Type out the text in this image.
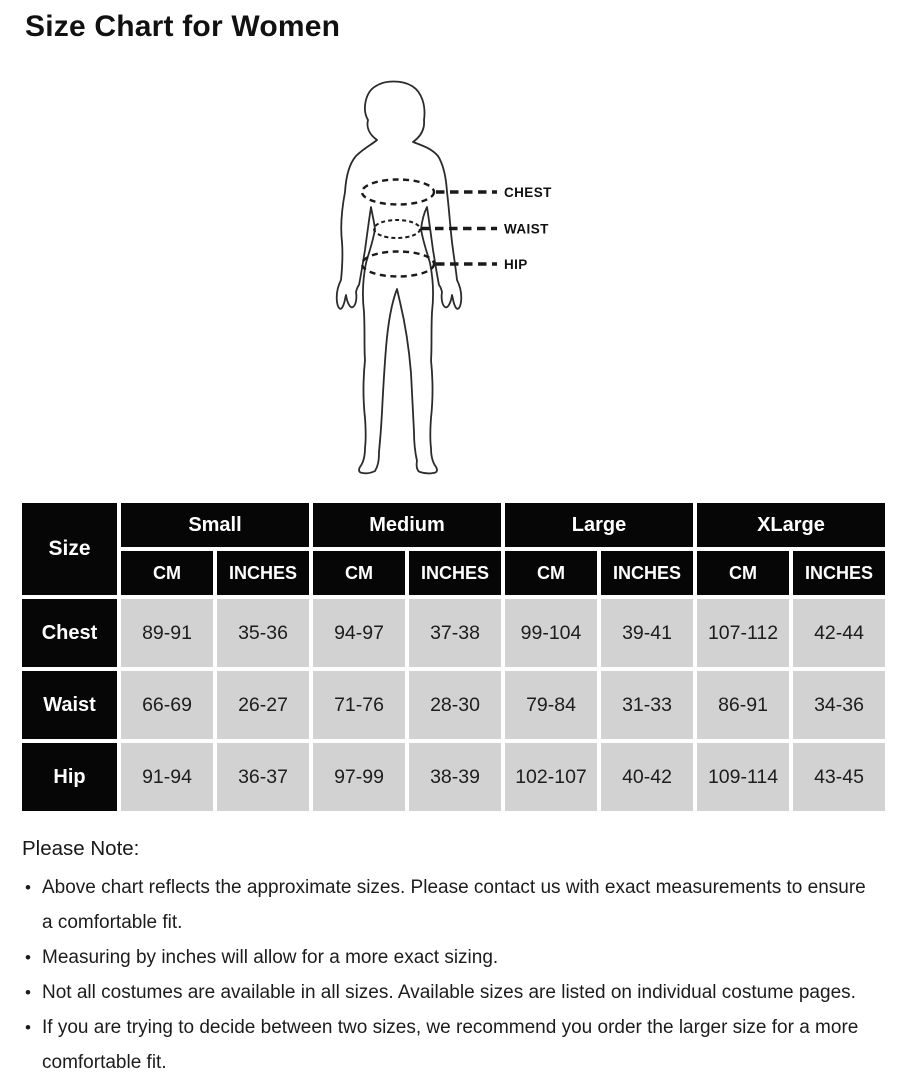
Size Chart for Women
CHEST
WAIST
HIP
Size	Small		Medium		Large		XLarge	
	CM	INCHES	CM	INCHES	CM	INCHES	CM	INCHES
Chest	89-91	35-36	94-97	37-38	99-104	39-41	107-112	42-44
Waist	66-69	26-27	71-76	28-30	79-84	31-33	86-91	34-36
Hip	91-94	36-37	97-99	38-39	102-107	40-42	109-114	43-45
Please Note:
• Above chart reflects the approximate sizes. Please contact us with exact measurements to ensure a comfortable fit.
• Measuring by inches will allow for a more exact sizing.
• Not all costumes are available in all sizes. Available sizes are listed on individual costume pages.
• If you are trying to decide between two sizes, we recommend you order the larger size for a more comfortable fit.
